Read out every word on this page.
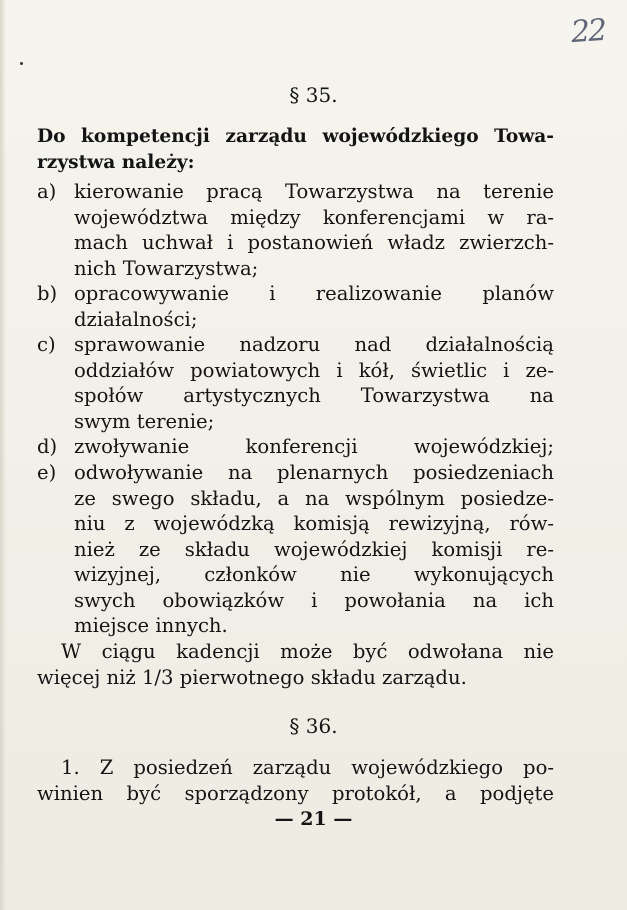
22
§ 35.
Do kompetencji zarządu wojewódzkiego Towa-
rzystwa należy:
a) kierowanie pracą Towarzystwa na terenie
województwa między konferencjami w ra-
mach uchwał i postanowień władz zwierzch-
nich Towarzystwa;
b) opracowywanie i realizowanie planów
działalności;
c) sprawowanie nadzoru nad działalnością
oddziałów powiatowych i kół, świetlic i ze-
społów artystycznych Towarzystwa na
swym terenie;
d) zwoływanie konferencji wojewódzkiej;
e) odwoływanie na plenarnych posiedzeniach
ze swego składu, a na wspólnym posiedze-
niu z wojewódzką komisją rewizyjną, rów-
nież ze składu wojewódzkiej komisji re-
wizyjnej, członków nie wykonujących
swych obowiązków i powołania na ich
miejsce innych.
W ciągu kadencji może być odwołana nie
więcej niż 1/3 pierwotnego składu zarządu.
§ 36.
1. Z posiedzeń zarządu wojewódzkiego po-
winien być sporządzony protokół, a podjęte
— 21 —
